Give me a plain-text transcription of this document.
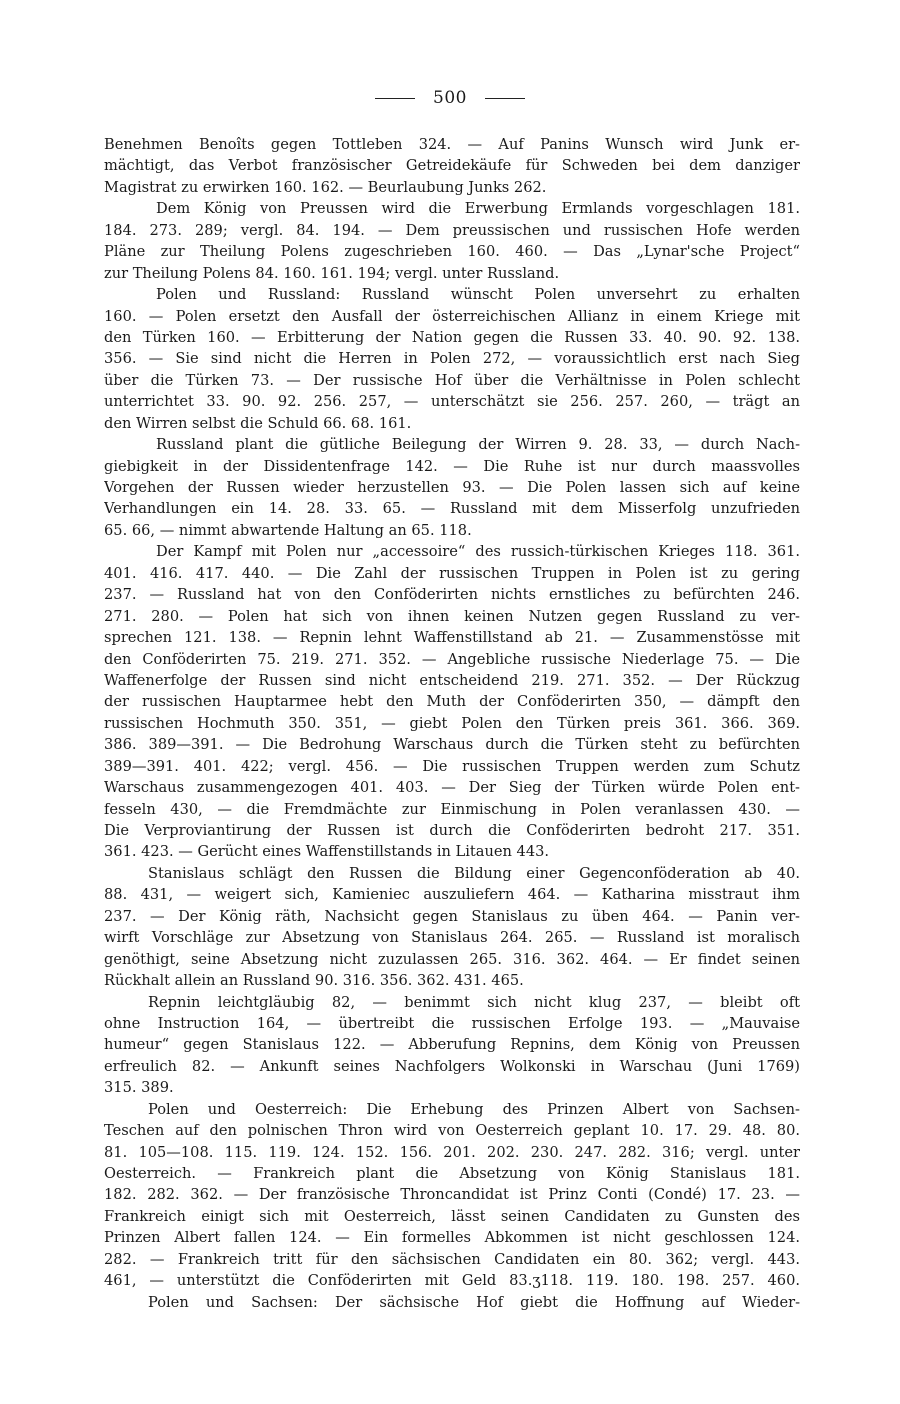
500
Benehmen Benoîts gegen Tottleben 324. — Auf Panins Wunsch wird Junk er-
mächtigt, das Verbot französischer Getreidekäufe für Schweden bei dem danziger
Magistrat zu erwirken 160. 162. — Beurlaubung Junks 262.
Dem König von Preussen wird die Erwerbung Ermlands vorgeschlagen 181.
184. 273. 289; vergl. 84. 194. — Dem preussischen und russischen Hofe werden
Pläne zur Theilung Polens zugeschrieben 160. 460. — Das „Lynar'sche Project“
zur Theilung Polens 84. 160. 161. 194; vergl. unter Russland.
Polen und Russland: Russland wünscht Polen unversehrt zu erhalten
160. — Polen ersetzt den Ausfall der österreichischen Allianz in einem Kriege mit
den Türken 160. — Erbitterung der Nation gegen die Russen 33. 40. 90. 92. 138.
356. — Sie sind nicht die Herren in Polen 272, — voraussichtlich erst nach Sieg
über die Türken 73. — Der russische Hof über die Verhältnisse in Polen schlecht
unterrichtet 33. 90. 92. 256. 257, — unterschätzt sie 256. 257. 260, — trägt an
den Wirren selbst die Schuld 66. 68. 161.
Russland plant die gütliche Beilegung der Wirren 9. 28. 33, — durch Nach-
giebigkeit in der Dissidentenfrage 142. — Die Ruhe ist nur durch maassvolles
Vorgehen der Russen wieder herzustellen 93. — Die Polen lassen sich auf keine
Verhandlungen ein 14. 28. 33. 65. — Russland mit dem Misserfolg unzufrieden
65. 66, — nimmt abwartende Haltung an 65. 118.
Der Kampf mit Polen nur „accessoire“ des russich-türkischen Krieges 118. 361.
401. 416. 417. 440. — Die Zahl der russischen Truppen in Polen ist zu gering
237. — Russland hat von den Conföderirten nichts ernstliches zu befürchten 246.
271. 280. — Polen hat sich von ihnen keinen Nutzen gegen Russland zu ver-
sprechen 121. 138. — Repnin lehnt Waffenstillstand ab 21. — Zusammenstösse mit
den Conföderirten 75. 219. 271. 352. — Angebliche russische Niederlage 75. — Die
Waffenerfolge der Russen sind nicht entscheidend 219. 271. 352. — Der Rückzug
der russischen Hauptarmee hebt den Muth der Conföderirten 350, — dämpft den
russischen Hochmuth 350. 351, — giebt Polen den Türken preis 361. 366. 369.
386. 389—391. — Die Bedrohung Warschaus durch die Türken steht zu befürchten
389—391. 401. 422; vergl. 456. — Die russischen Truppen werden zum Schutz
Warschaus zusammengezogen 401. 403. — Der Sieg der Türken würde Polen ent-
fesseln 430, — die Fremdmächte zur Einmischung in Polen veranlassen 430. —
Die Verproviantirung der Russen ist durch die Conföderirten bedroht 217. 351.
361. 423. — Gerücht eines Waffenstillstands in Litauen 443.
Stanislaus schlägt den Russen die Bildung einer Gegenconföderation ab 40.
88. 431, — weigert sich, Kamieniec auszuliefern 464. — Katharina misstraut ihm
237. — Der König räth, Nachsicht gegen Stanislaus zu üben 464. — Panin ver-
wirft Vorschläge zur Absetzung von Stanislaus 264. 265. — Russland ist moralisch
genöthigt, seine Absetzung nicht zuzulassen 265. 316. 362. 464. — Er findet seinen
Rückhalt allein an Russland 90. 316. 356. 362. 431. 465.
Repnin leichtgläubig 82, — benimmt sich nicht klug 237, — bleibt oft
ohne Instruction 164, — übertreibt die russischen Erfolge 193. — „Mauvaise
humeur“ gegen Stanislaus 122. — Abberufung Repnins, dem König von Preussen
erfreulich 82. — Ankunft seines Nachfolgers Wolkonski in Warschau (Juni 1769)
315. 389.
Polen und Oesterreich: Die Erhebung des Prinzen Albert von Sachsen-
Teschen auf den polnischen Thron wird von Oesterreich geplant 10. 17. 29. 48. 80.
81. 105—108. 115. 119. 124. 152. 156. 201. 202. 230. 247. 282. 316; vergl. unter
Oesterreich. — Frankreich plant die Absetzung von König Stanislaus 181.
182. 282. 362. — Der französische Throncandidat ist Prinz Conti (Condé) 17. 23. —
Frankreich einigt sich mit Oesterreich, lässt seinen Candidaten zu Gunsten des
Prinzen Albert fallen 124. — Ein formelles Abkommen ist nicht geschlossen 124.
282. — Frankreich tritt für den sächsischen Candidaten ein 80. 362; vergl. 443.
461, — unterstützt die Conföderirten mit Geld 83.ʒ118. 119. 180. 198. 257. 460.
Polen und Sachsen: Der sächsische Hof giebt die Hoffnung auf Wieder-
